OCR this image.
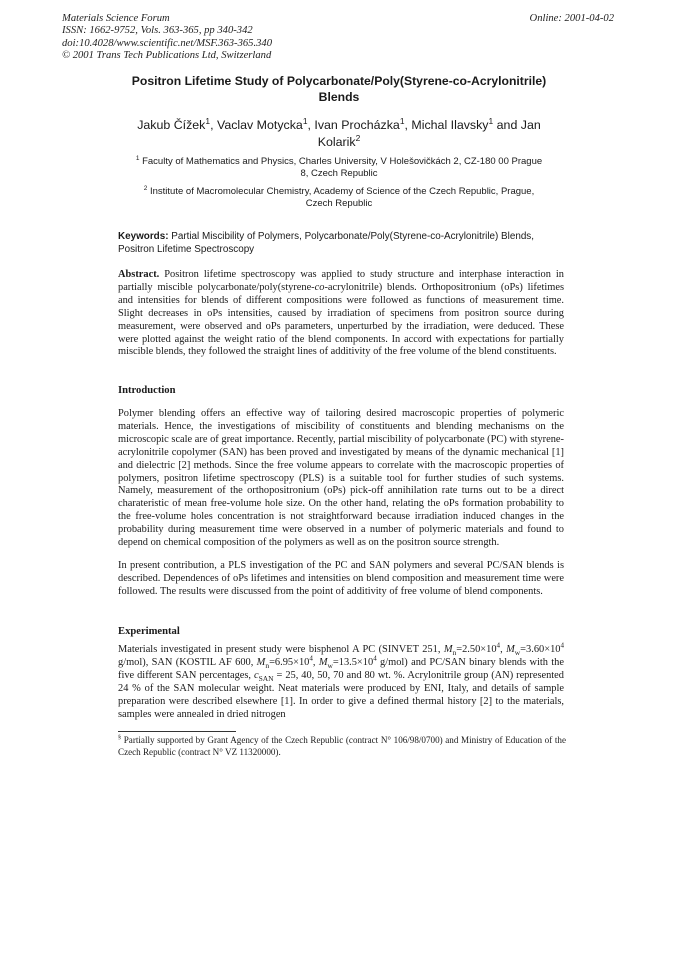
Materials Science Forum
ISSN: 1662-9752, Vols. 363-365, pp 340-342
doi:10.4028/www.scientific.net/MSF.363-365.340
© 2001 Trans Tech Publications Ltd, Switzerland
Online: 2001-04-02
Positron Lifetime Study of Polycarbonate/Poly(Styrene-co-Acrylonitrile)
Blends
Jakub Čížek$^1$, Vaclav Motycka$^1$, Ivan Procházka$^1$, Michal Ilavsky$^1$ and Jan
Kolarik$^2$
$^1$ Faculty of Mathematics and Physics, Charles University, V Holešovičkách 2, CZ-180 00 Prague
8, Czech Republic
$^2$ Institute of Macromolecular Chemistry, Academy of Science of the Czech Republic, Prague,
Czech Republic
Keywords: Partial Miscibility of Polymers, Polycarbonate/Poly(Styrene-co-Acrylonitrile) Blends, Positron Lifetime Spectroscopy
Abstract. Positron lifetime spectroscopy was applied to study structure and interphase interaction in partially miscible polycarbonate/poly(styrene-co-acrylonitrile) blends. Orthopositronium (oPs) lifetimes and intensities for blends of different compositions were followed as functions of measurement time. Slight decreases in oPs intensities, caused by irradiation of specimens from positron source during measurement, were observed and oPs parameters, unperturbed by the irradiation, were deduced. These were plotted against the weight ratio of the blend components. In accord with expectations for partially miscible blends, they followed the straight lines of additivity of the free volume of the blend constituents.
Introduction
Polymer blending offers an effective way of tailoring desired macroscopic properties of polymeric materials. Hence, the investigations of miscibility of constituents and blending mechanisms on the microscopic scale are of great importance. Recently, partial miscibility of polycarbonate (PC) with styrene-acrylonitrile copolymer (SAN) has been proved and investigated by means of the dynamic mechanical [1] and dielectric [2] methods. Since the free volume appears to correlate with the macroscopic properties of polymers, positron lifetime spectroscopy (PLS) is a suitable tool for further studies of such systems. Namely, measurement of the orthopositronium (oPs) pick-off annihilation rate turns out to be a direct charateristic of mean free-volume hole size. On the other hand, relating the oPs formation probability to the free-volume holes concentration is not straightforward because irradiation induced changes in the probability during measurement time were observed in a number of polymeric materials and found to depend on chemical composition of the polymers as well as on the positron source strength.
In present contribution, a PLS investigation of the PC and SAN polymers and several PC/SAN blends is described. Dependences of oPs lifetimes and intensities on blend composition and measurement time were followed. The results were discussed from the point of additivity of free volume of blend components.
Experimental
Materials investigated in present study were bisphenol A PC (SINVET 251, $M_n=2.50\times 10^4$, $M_w=3.60\times 10^4$ g/mol), SAN (KOSTIL AF 600, $M_n=6.95\times 10^4$, $M_w=13.5\times 10^4$ g/mol) and PC/SAN binary blends with the five different SAN percentages, $c_{SAN} = 25$, 40, 50, 70 and 80 wt. %. Acrylonitrile group (AN) represented 24 % of the SAN molecular weight. Neat materials were produced by ENI, Italy, and details of sample preparation were described elsewhere [1]. In order to give a defined thermal history [2] to the materials, samples were annealed in dried nitrogen
§ Partially supported by Grant Agency of the Czech Republic (contract N° 106/98/0700) and Ministry of Education of the Czech Republic (contract N° VZ 11320000).
